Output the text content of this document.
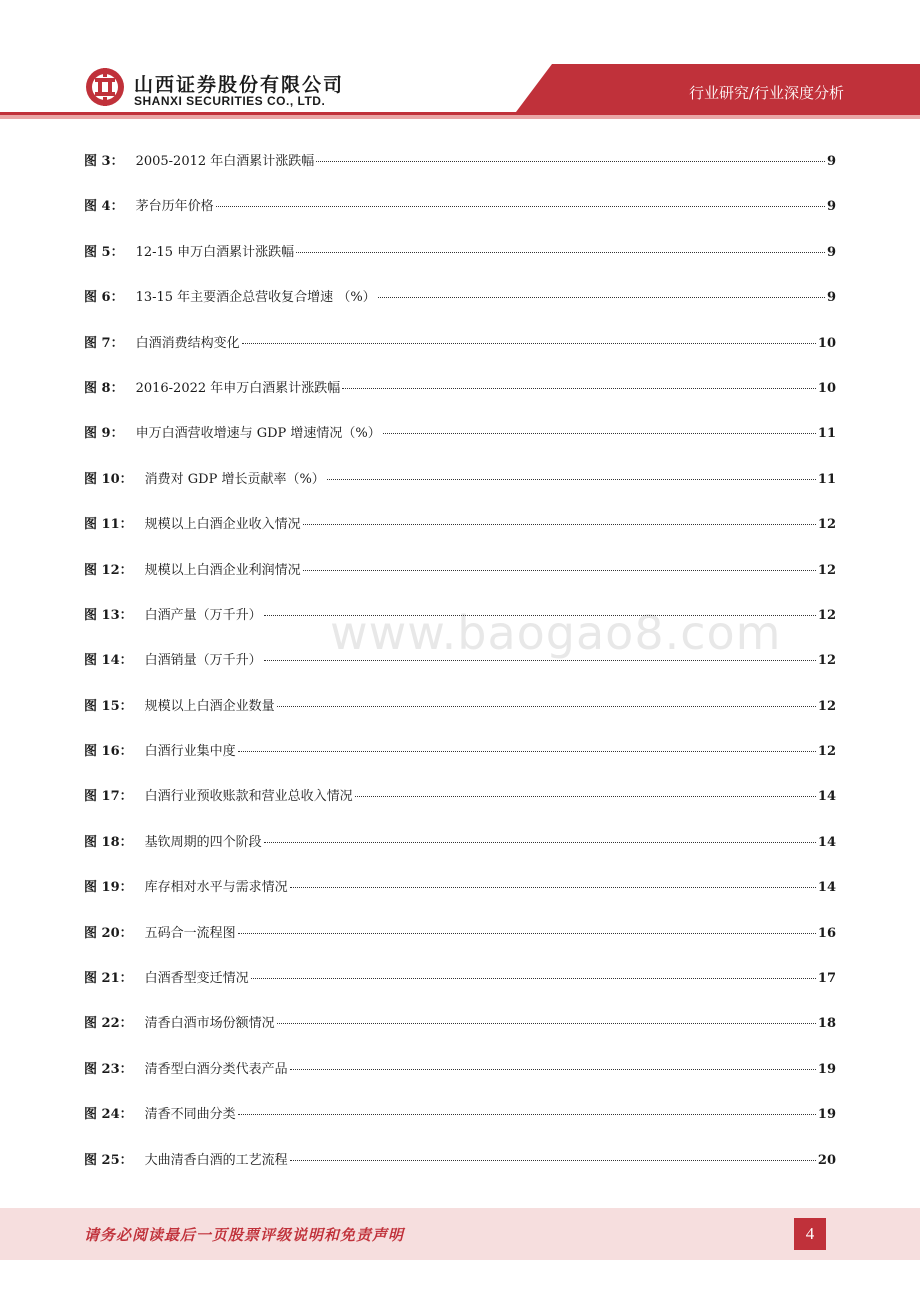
山西证券股份有限公司
SHANXI SECURITIES CO., LTD.	行业研究/行业深度分析
www.baogao8.com
图 3： 2005-2012 年白酒累计涨跌幅	9
图 4： 茅台历年价格	9
图 5： 12-15 申万白酒累计涨跌幅	9
图 6： 13-15 年主要酒企总营收复合增速 （%）	9
图 7： 白酒消费结构变化	10
图 8： 2016-2022 年申万白酒累计涨跌幅	10
图 9： 申万白酒营收增速与 GDP 增速情况（%）	11
图 10： 消费对 GDP 增长贡献率（%）	11
图 11： 规模以上白酒企业收入情况	12
图 12： 规模以上白酒企业利润情况	12
图 13： 白酒产量（万千升）	12
图 14： 白酒销量（万千升）	12
图 15： 规模以上白酒企业数量	12
图 16： 白酒行业集中度	12
图 17： 白酒行业预收账款和营业总收入情况	14
图 18： 基钦周期的四个阶段	14
图 19： 库存相对水平与需求情况	14
图 20： 五码合一流程图	16
图 21： 白酒香型变迁情况	17
图 22： 清香白酒市场份额情况	18
图 23： 清香型白酒分类代表产品	19
图 24： 清香不同曲分类	19
图 25： 大曲清香白酒的工艺流程	20
请务必阅读最后一页股票评级说明和免责声明	4
